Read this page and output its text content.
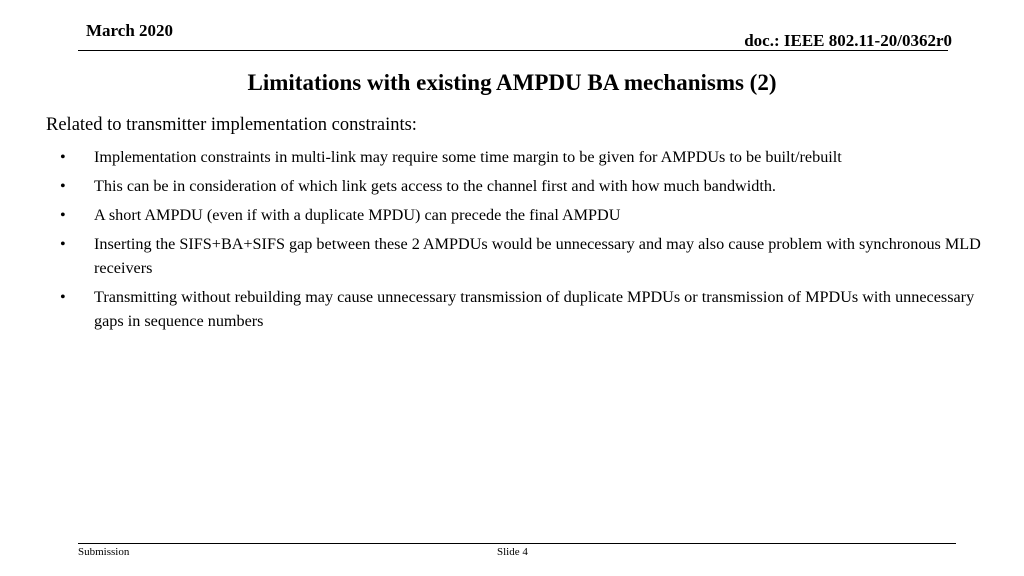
March 2020
doc.: IEEE 802.11-20/0362r0
Limitations with existing AMPDU BA mechanisms (2)
Related to transmitter implementation constraints:
• Implementation constraints in multi-link may require some time margin to be given for AMPDUs to be built/rebuilt
• This can be in consideration of which link gets access to the channel first and with how much bandwidth.
• A short AMPDU (even if with a duplicate MPDU) can precede the final AMPDU
• Inserting the SIFS+BA+SIFS gap between these 2 AMPDUs would be unnecessary and may also cause problem with synchronous MLD receivers
• Transmitting without rebuilding may cause unnecessary transmission of duplicate MPDUs or transmission of MPDUs with unnecessary gaps in sequence numbers
Submission	Slide 4
